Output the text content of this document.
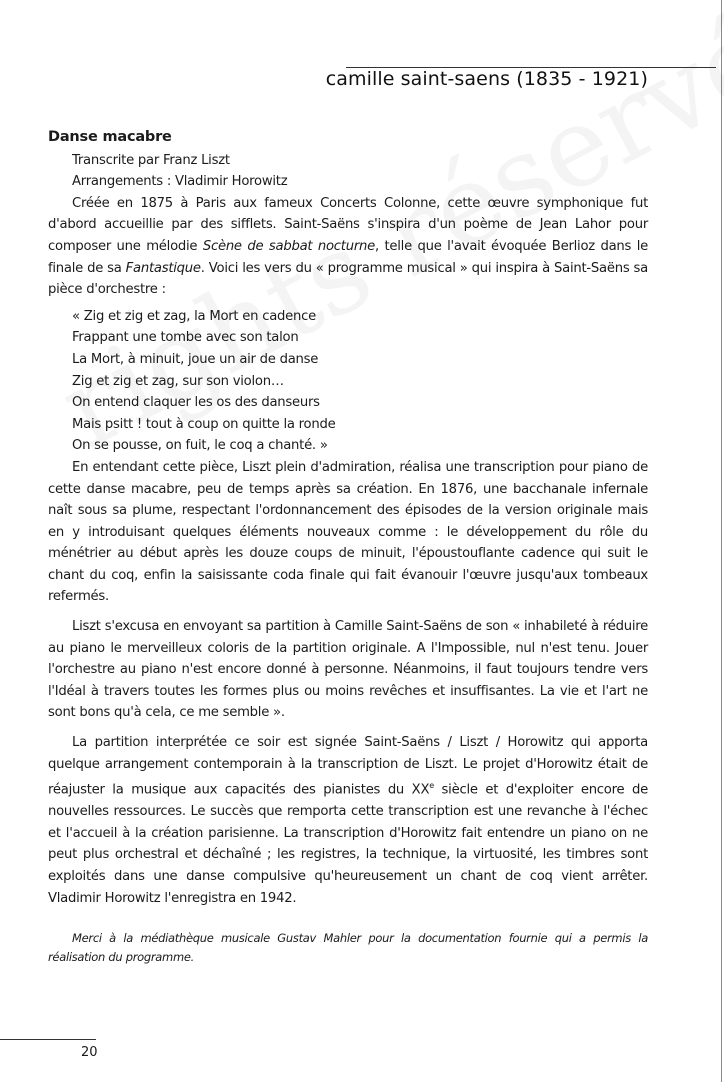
camille saint-saens (1835 - 1921)
Danse macabre
Transcrite par Franz Liszt
Arrangements : Vladimir Horowitz

Créée en 1875 à Paris aux fameux Concerts Colonne, cette œuvre symphonique fut d'abord accueillie par des sifflets. Saint-Saëns s'inspira d'un poème de Jean Lahor pour composer une mélodie Scène de sabbat nocturne, telle que l'avait évoquée Berlioz dans le finale de sa Fantastique. Voici les vers du « programme musical » qui inspira à Saint-Saëns sa pièce d'orchestre :

« Zig et zig et zag, la Mort en cadence
Frappant une tombe avec son talon
La Mort, à minuit, joue un air de danse
Zig et zig et zag, sur son violon…
On entend claquer les os des danseurs
Mais psitt ! tout à coup on quitte la ronde
On se pousse, on fuit, le coq a chanté. »

En entendant cette pièce, Liszt plein d'admiration, réalisa une transcription pour piano de cette danse macabre, peu de temps après sa création. En 1876, une bacchanale infernale naît sous sa plume, respectant l'ordonnancement des épisodes de la version originale mais en y introduisant quelques éléments nouveaux comme : le développement du rôle du ménétrier au début après les douze coups de minuit, l'époustouflante cadence qui suit le chant du coq, enfin la saisissante coda finale qui fait évanouir l'œuvre jusqu'aux tombeaux refermés.

Liszt s'excusa en envoyant sa partition à Camille Saint-Saëns de son « inhabileté à réduire au piano le merveilleux coloris de la partition originale. A l'Impossible, nul n'est tenu. Jouer l'orchestre au piano n'est encore donné à personne. Néanmoins, il faut toujours tendre vers l'Idéal à travers toutes les formes plus ou moins revêches et insuffisantes. La vie et l'art ne sont bons qu'à cela, ce me semble ».

La partition interprétée ce soir est signée Saint-Saëns / Liszt / Horowitz qui apporta quelque arrangement contemporain à la transcription de Liszt. Le projet d'Horowitz était de réajuster la musique aux capacités des pianistes du XXe siècle et d'exploiter encore de nouvelles ressources. Le succès que remporta cette transcription est une revanche à l'échec et l'accueil à la création parisienne. La transcription d'Horowitz fait entendre un piano on ne peut plus orchestral et déchaîné ; les registres, la technique, la virtuosité, les timbres sont exploités dans une danse compulsive qu'heureusement un chant de coq vient arrêter. Vladimir Horowitz l'enregistra en 1942.

Merci à la médiathèque musicale Gustav Mahler pour la documentation fournie qui a permis la réalisation du programme.

20
